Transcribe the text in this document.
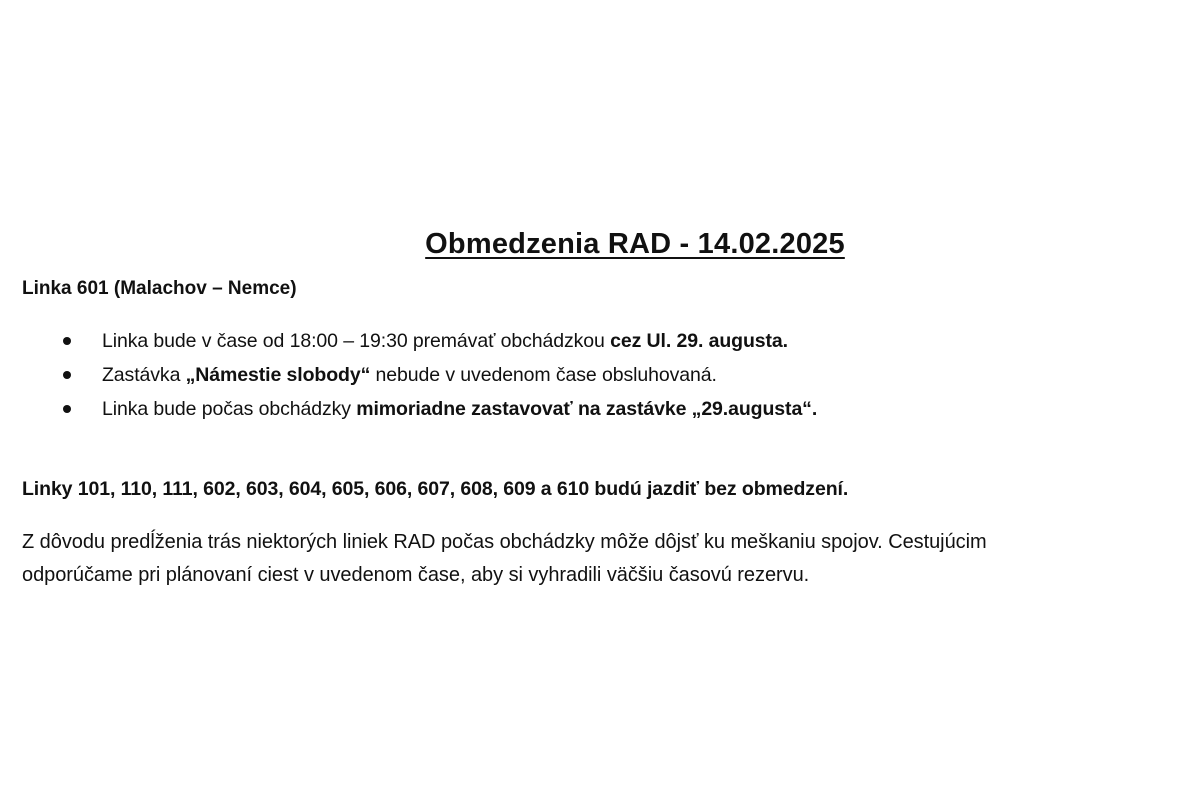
Obmedzenia RAD - 14.02.2025
Linka 601 (Malachov – Nemce)
Linka bude v čase od 18:00 – 19:30 premávať obchádzkou cez Ul. 29. augusta.
Zastávka „Námestie slobody“ nebude v uvedenom čase obsluhovaná.
Linka bude počas obchádzky mimoriadne zastavovať na zastávke „29.augusta“.
Linky 101, 110, 111, 602, 603, 604, 605, 606, 607, 608, 609 a 610 budú jazdiť bez obmedzení.
Z dôvodu predĺženia trás niektorých liniek RAD počas obchádzky môže dôjsť ku meškaniu spojov. Cestujúcim
odporúčame pri plánovaní ciest v uvedenom čase, aby si vyhradili väčšiu časovú rezervu.
